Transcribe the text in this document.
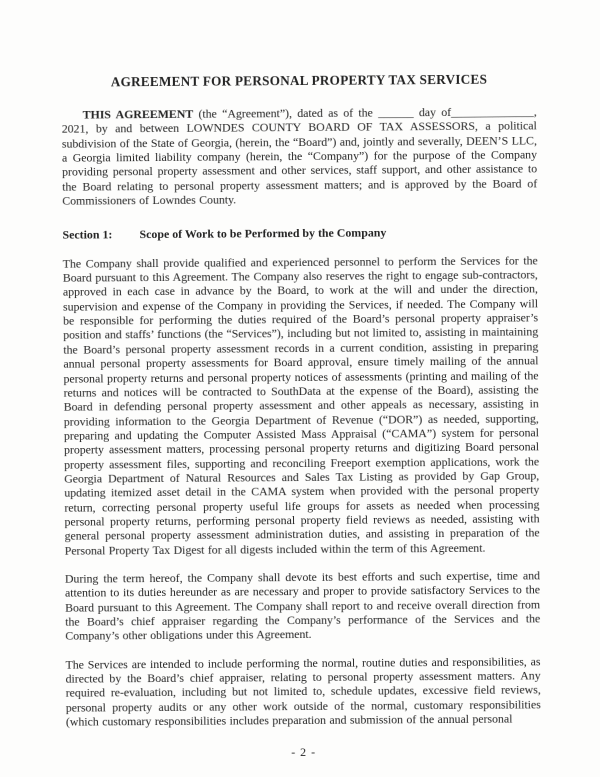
AGREEMENT FOR PERSONAL PROPERTY TAX SERVICES

THIS AGREEMENT (the “Agreement”), dated as of the ______ day of______________, 2021, by and between LOWNDES COUNTY BOARD OF TAX ASSESSORS, a political subdivision of the State of Georgia, (herein, the “Board”) and, jointly and severally, DEEN’S LLC, a Georgia limited liability company (herein, the “Company”) for the purpose of the Company providing personal property assessment and other services, staff support, and other assistance to the Board relating to personal property assessment matters; and is approved by the Board of Commissioners of Lowndes County.

Section 1: Scope of Work to be Performed by the Company

The Company shall provide qualified and experienced personnel to perform the Services for the Board pursuant to this Agreement. The Company also reserves the right to engage sub-contractors, approved in each case in advance by the Board, to work at the will and under the direction, supervision and expense of the Company in providing the Services, if needed. The Company will be responsible for performing the duties required of the Board’s personal property appraiser’s position and staffs’ functions (the “Services”), including but not limited to, assisting in maintaining the Board’s personal property assessment records in a current condition, assisting in preparing annual personal property assessments for Board approval, ensure timely mailing of the annual personal property returns and personal property notices of assessments (printing and mailing of the returns and notices will be contracted to SouthData at the expense of the Board), assisting the Board in defending personal property assessment and other appeals as necessary, assisting in providing information to the Georgia Department of Revenue (“DOR”) as needed, supporting, preparing and updating the Computer Assisted Mass Appraisal (“CAMA”) system for personal property assessment matters, processing personal property returns and digitizing Board personal property assessment files, supporting and reconciling Freeport exemption applications, work the Georgia Department of Natural Resources and Sales Tax Listing as provided by Gap Group, updating itemized asset detail in the CAMA system when provided with the personal property return, correcting personal property useful life groups for assets as needed when processing personal property returns, performing personal property field reviews as needed, assisting with general personal property assessment administration duties, and assisting in preparation of the Personal Property Tax Digest for all digests included within the term of this Agreement.

During the term hereof, the Company shall devote its best efforts and such expertise, time and attention to its duties hereunder as are necessary and proper to provide satisfactory Services to the Board pursuant to this Agreement. The Company shall report to and receive overall direction from the Board’s chief appraiser regarding the Company’s performance of the Services and the Company’s other obligations under this Agreement.

The Services are intended to include performing the normal, routine duties and responsibilities, as directed by the Board’s chief appraiser, relating to personal property assessment matters. Any required re-evaluation, including but not limited to, schedule updates, excessive field reviews, personal property audits or any other work outside of the normal, customary responsibilities (which customary responsibilities includes preparation and submission of the annual personal

- 2 -
